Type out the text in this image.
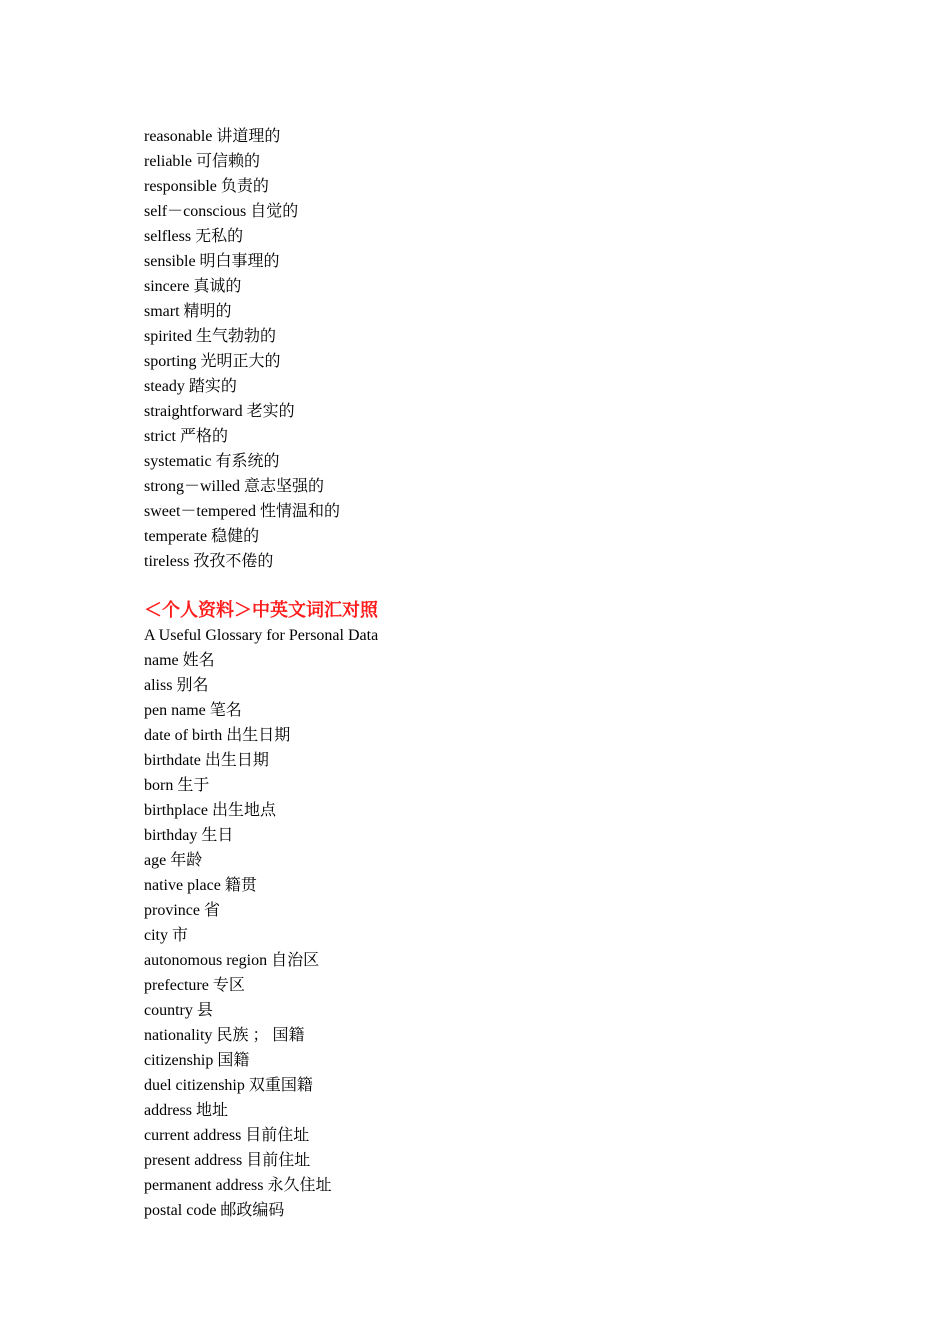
reasonable 讲道理的
reliable 可信赖的
responsible 负责的
self－conscious 自觉的
selfless 无私的
sensible 明白事理的
sincere 真诚的
smart 精明的
spirited 生气勃勃的
sporting 光明正大的
steady 踏实的
straightforward 老实的
strict 严格的
systematic 有系统的
strong－willed 意志坚强的
sweet－tempered 性情温和的
temperate 稳健的
tireless 孜孜不倦的
＜个人资料＞中英文词汇对照
A Useful Glossary for Personal Data
name 姓名
aliss 别名
pen name 笔名
date of birth 出生日期
birthdate 出生日期
born 生于
birthplace 出生地点
birthday 生日
age 年龄
native place 籍贯
province 省
city 市
autonomous region 自治区
prefecture 专区
country 县
nationality 民族 ； 国籍
citizenship 国籍
duel citizenship 双重国籍
address 地址
current address 目前住址
present address 目前住址
permanent address 永久住址
postal code 邮政编码
